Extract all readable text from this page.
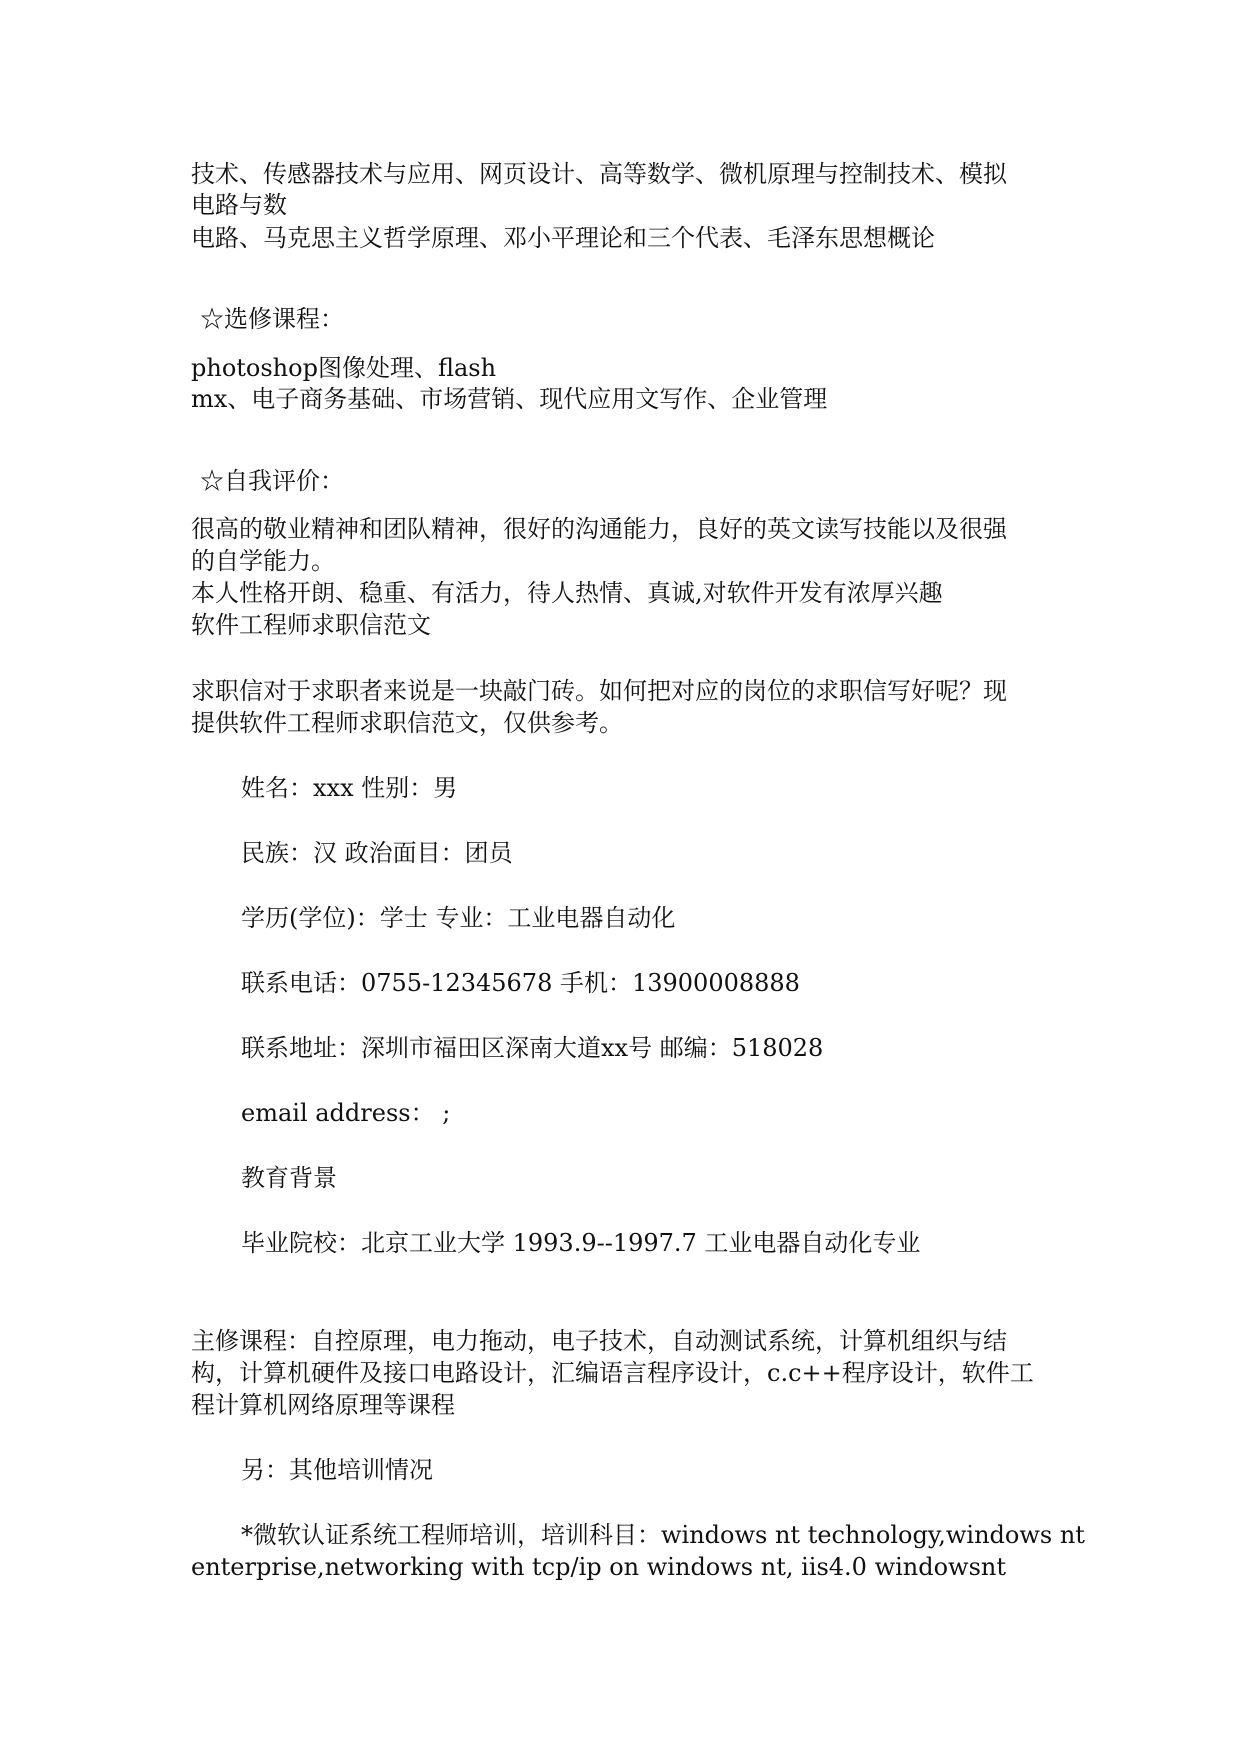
技术、传感器技术与应用、网页设计、高等数学、微机原理与控制技术、模拟
电路与数
电路、马克思主义哲学原理、邓小平理论和三个代表、毛泽东思想概论
☆选修课程：
photoshop图像处理、flash
mx、电子商务基础、市场营销、现代应用文写作、企业管理
☆自我评价：
很高的敬业精神和团队精神，很好的沟通能力，良好的英文读写技能以及很强
的自学能力。
本人性格开朗、稳重、有活力，待人热情、真诚,对软件开发有浓厚兴趣
软件工程师求职信范文
求职信对于求职者来说是一块敲门砖。如何把对应的岗位的求职信写好呢？现
提供软件工程师求职信范文，仅供参考。
姓名：xxx 性别：男
民族：汉 政治面目：团员
学历(学位)：学士 专业：工业电器自动化
联系电话：0755-12345678 手机：13900008888
联系地址：深圳市福田区深南大道xx号 邮编：518028
email address： ;
教育背景
毕业院校：北京工业大学 1993.9--1997.7 工业电器自动化专业
主修课程：自控原理，电力拖动，电子技术，自动测试系统，计算机组织与结
构，计算机硬件及接口电路设计，汇编语言程序设计，c.c++程序设计，软件工
程计算机网络原理等课程
另：其他培训情况
*微软认证系统工程师培训，培训科目：windows nt technology,windows nt
enterprise,networking with tcp/ip on windows nt, ⅱs4.0 windowsnt
